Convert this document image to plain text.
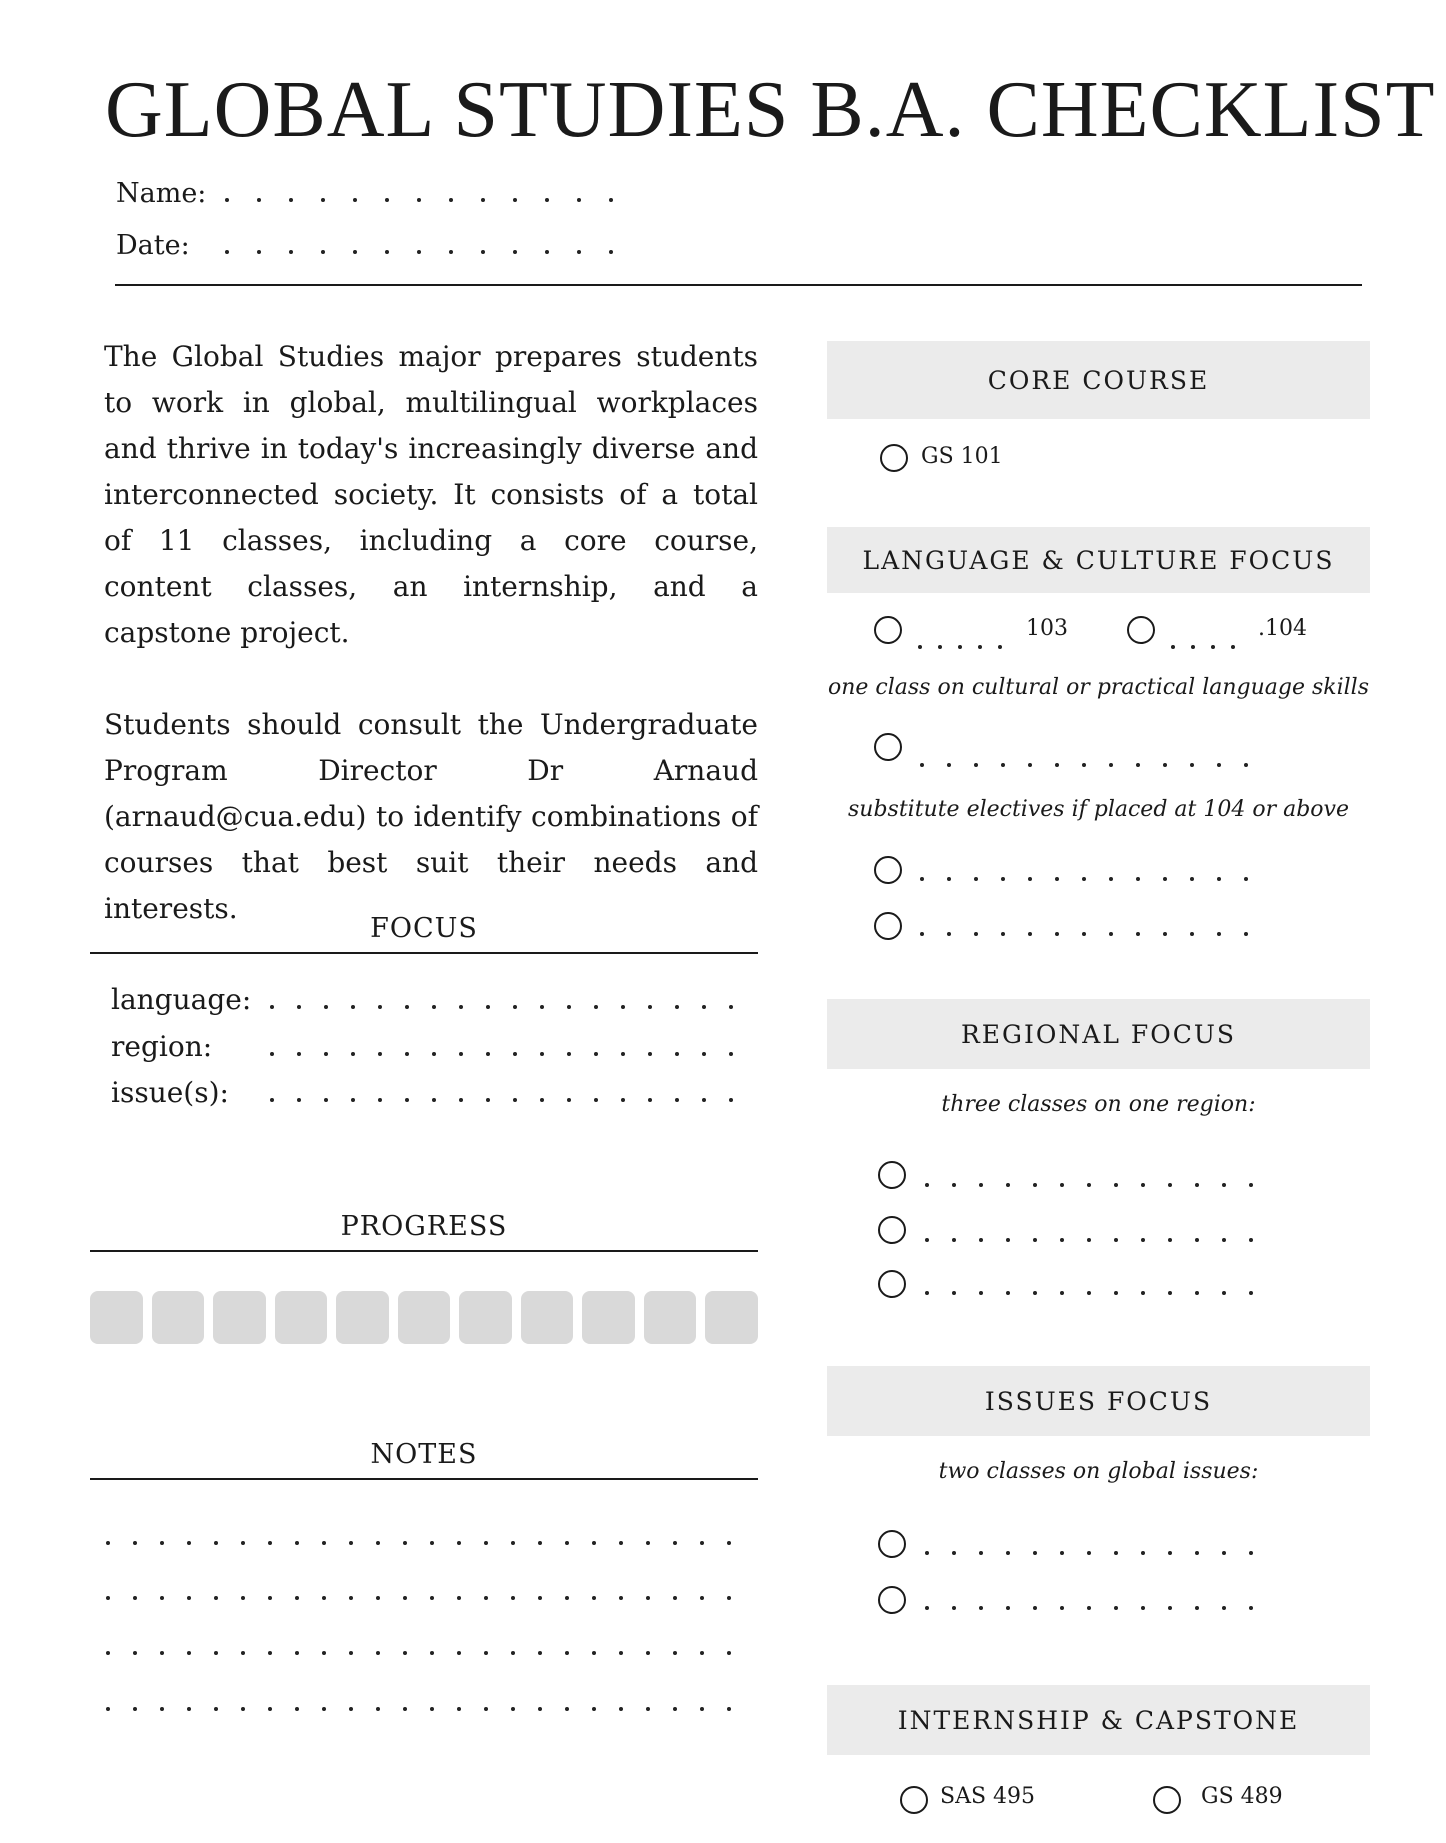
GLOBAL STUDIES B.A. CHECKLIST
Name:
Date:

The Global Studies major prepares students to work in global, multilingual workplaces and thrive in today's increasingly diverse and interconnected society. It consists of a total of 11 classes, including a core course, content classes, an internship, and a capstone project.

Students should consult the Undergraduate Program Director Dr Arnaud (arnaud@cua.edu) to identify combinations of courses that best suit their needs and interests.

FOCUS
language:
region:
issue(s):
PROGRESS
NOTES
CORE COURSE
GS 101
LANGUAGE & CULTURE FOCUS
103	.104
one class on cultural or practical language skills
substitute electives if placed at 104 or above
REGIONAL FOCUS
three classes on one region:
ISSUES FOCUS
two classes on global issues:
INTERNSHIP & CAPSTONE
SAS 495	GS 489
